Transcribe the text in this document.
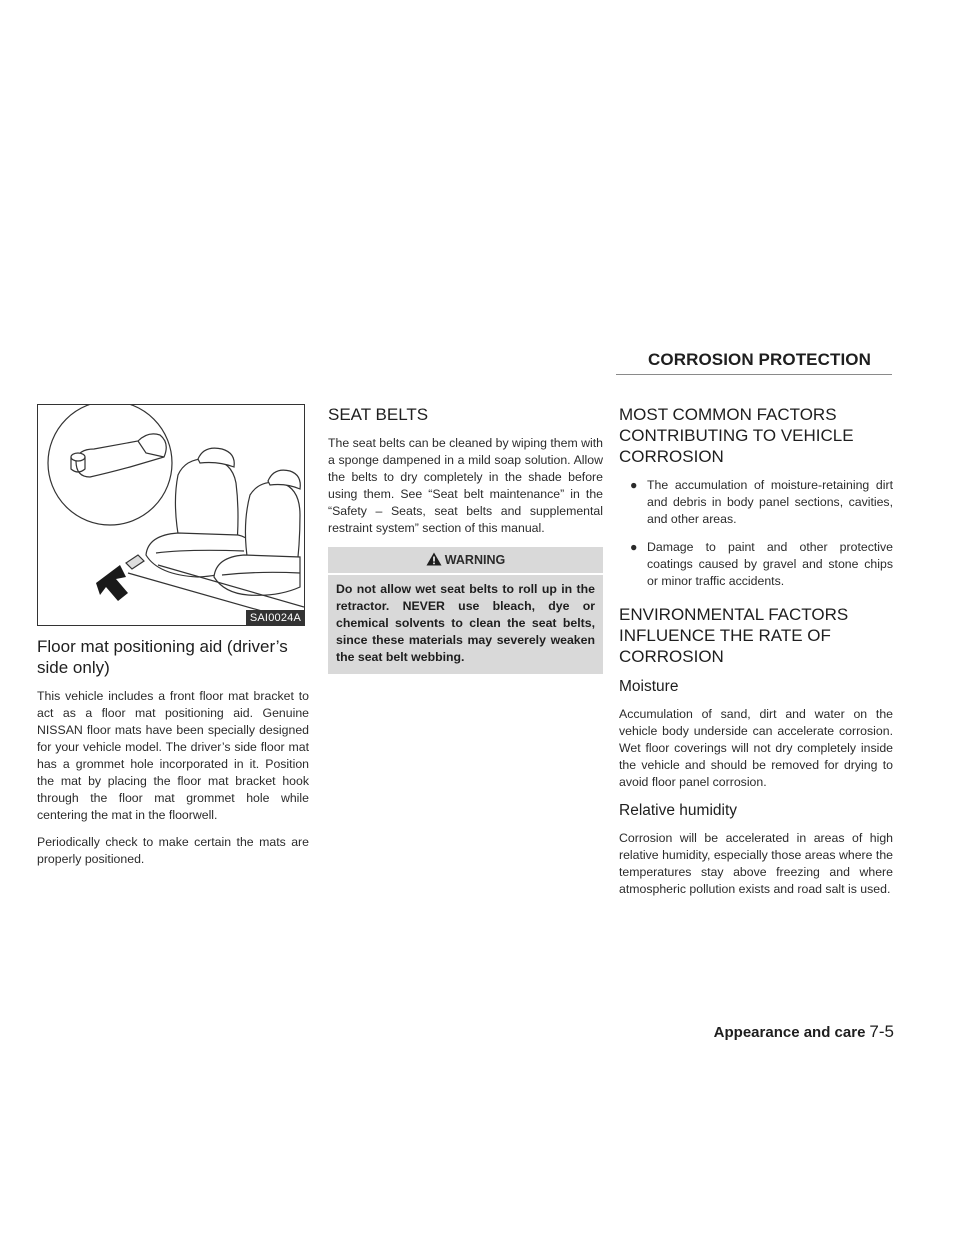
CORROSION PROTECTION
SAI0024A
Floor mat positioning aid (driver’s side only)

This vehicle includes a front floor mat bracket to act as a floor mat positioning aid. Genuine NISSAN floor mats have been specially designed for your vehicle model. The driver’s side floor mat has a grommet hole incorporated in it. Position the mat by placing the floor mat bracket hook through the floor mat grommet hole while centering the mat in the floorwell.

Periodically check to make certain the mats are properly positioned.

SEAT BELTS

The seat belts can be cleaned by wiping them with a sponge dampened in a mild soap solution. Allow the belts to dry completely in the shade before using them. See “Seat belt maintenance” in the “Safety – Seats, seat belts and supplemental restraint system” section of this manual.

WARNING
Do not allow wet seat belts to roll up in the retractor. NEVER use bleach, dye or chemical solvents to clean the seat belts, since these materials may severely weaken the seat belt webbing.
MOST COMMON FACTORS CONTRIBUTING TO VEHICLE CORROSION
● The accumulation of moisture-retaining dirt and debris in body panel sections, cavities, and other areas.
● Damage to paint and other protective coatings caused by gravel and stone chips or minor traffic accidents.
ENVIRONMENTAL FACTORS INFLUENCE THE RATE OF CORROSION
Moisture

Accumulation of sand, dirt and water on the vehicle body underside can accelerate corrosion. Wet floor coverings will not dry completely inside the vehicle and should be removed for drying to avoid floor panel corrosion.

Relative humidity

Corrosion will be accelerated in areas of high relative humidity, especially those areas where the temperatures stay above freezing and where atmospheric pollution exists and road salt is used.

Appearance and care 7-5
